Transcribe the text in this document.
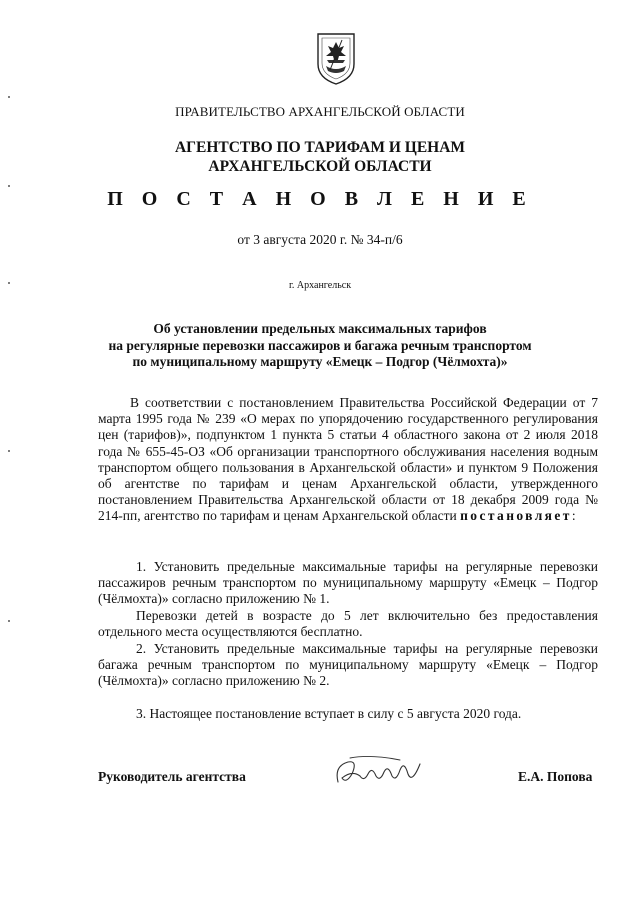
ПРАВИТЕЛЬСТВО АРХАНГЕЛЬСКОЙ ОБЛАСТИ
АГЕНТСТВО ПО ТАРИФАМ И ЦЕНАМ
АРХАНГЕЛЬСКОЙ ОБЛАСТИ
П О С Т А Н О В Л Е Н И Е
от 3 августа 2020 г. № 34-п/6
г. Архангельск
Об установлении предельных максимальных тарифов
на регулярные перевозки пассажиров и багажа речным транспортом
по муниципальному маршруту «Емецк – Подгор (Чёлмохта)»
В соответствии с постановлением Правительства Российской Федерации от 7 марта 1995 года № 239 «О мерах по упорядочению государственного регулирования цен (тарифов)», подпунктом 1 пункта 5 статьи 4 областного закона от 2 июля 2018 года № 655-45-ОЗ «Об организации транспортного обслуживания населения водным транспортом общего пользования в Архангельской области» и пунктом 9 Положения об агентстве по тарифам и ценам Архангельской области, утвержденного постановлением Правительства Архангельской области от 18 декабря 2009 года № 214-пп, агентство по тарифам и ценам Архангельской области постановляет:
1. Установить предельные максимальные тарифы на регулярные перевозки пассажиров речным транспортом по муниципальному маршруту «Емецк – Подгор (Чёлмохта)» согласно приложению № 1.
Перевозки детей в возрасте до 5 лет включительно без предоставления отдельного места осуществляются бесплатно.
2. Установить предельные максимальные тарифы на регулярные перевозки багажа речным транспортом по муниципальному маршруту «Емецк – Подгор (Чёлмохта)» согласно приложению № 2.
3. Настоящее постановление вступает в силу с 5 августа 2020 года.
Руководитель агентства	Е.А. Попова
